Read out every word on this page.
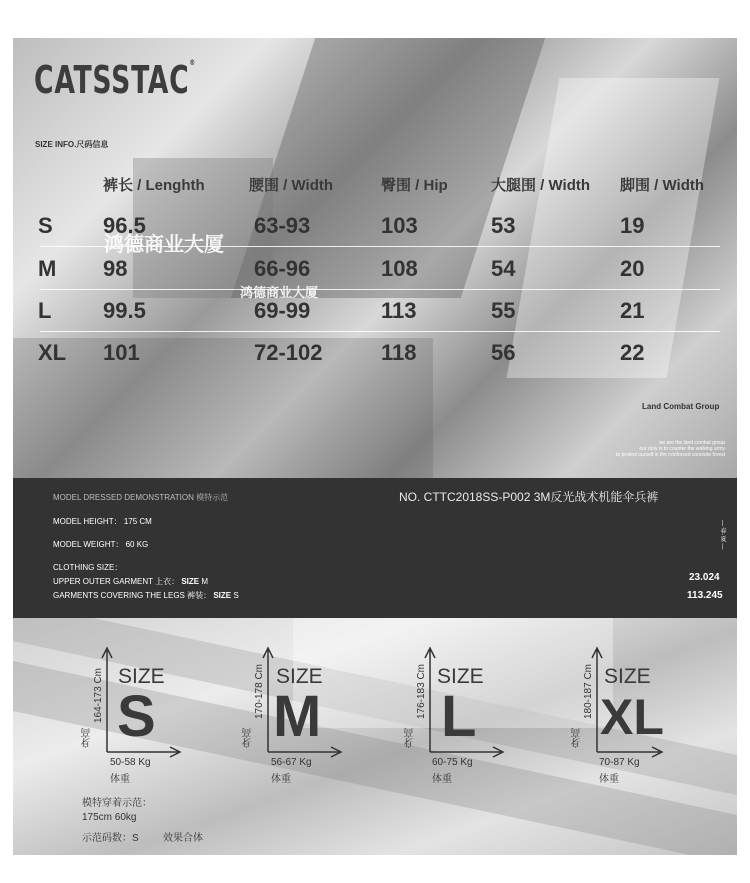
CATSSTAC®
SIZE INFO.尺码信息
裤长 / Lenghth	腰围 / Width	臀围 / Hip	大腿围 / Width 脚围 / Width
S 96.5	63-93	103	53	19
M 98	66-96	108	54	20
L 99.5	69-99	113	55	21
XL 101	72-102	118	56	22
鸿德商业大厦
鸿德商业大厦
Land Combat Group
we are the land combat group
our duty is to counter the walking army
to protect ourself in the reinforced concrete forest
MODEL DRESSED DEMONSTRATION 模特示范	NO. CTTC2018SS-P002 3M反光战术机能伞兵裤
MODEL HEIGHT： 175 CM
MODEL WEIGHT： 60 KG
CLOTHING SIZE：
UPPER OUTER GARMENT 上衣： SIZE M
GARMENTS COVERING THE LEGS 裤装： SIZE S
— 春·夏 —
23.024
113.245
SIZE
S
164-173 Cm
身高
50-58 Kg
体重
SIZE
M
170-178 Cm
身高
56-67 Kg
体重
SIZE
L
176-183 Cm
身高
60-75 Kg
体重
SIZE
XL
180-187 Cm
身高
70-87 Kg
体重
模特穿着示范：
175cm 60kg
示范码数：S 效果合体
